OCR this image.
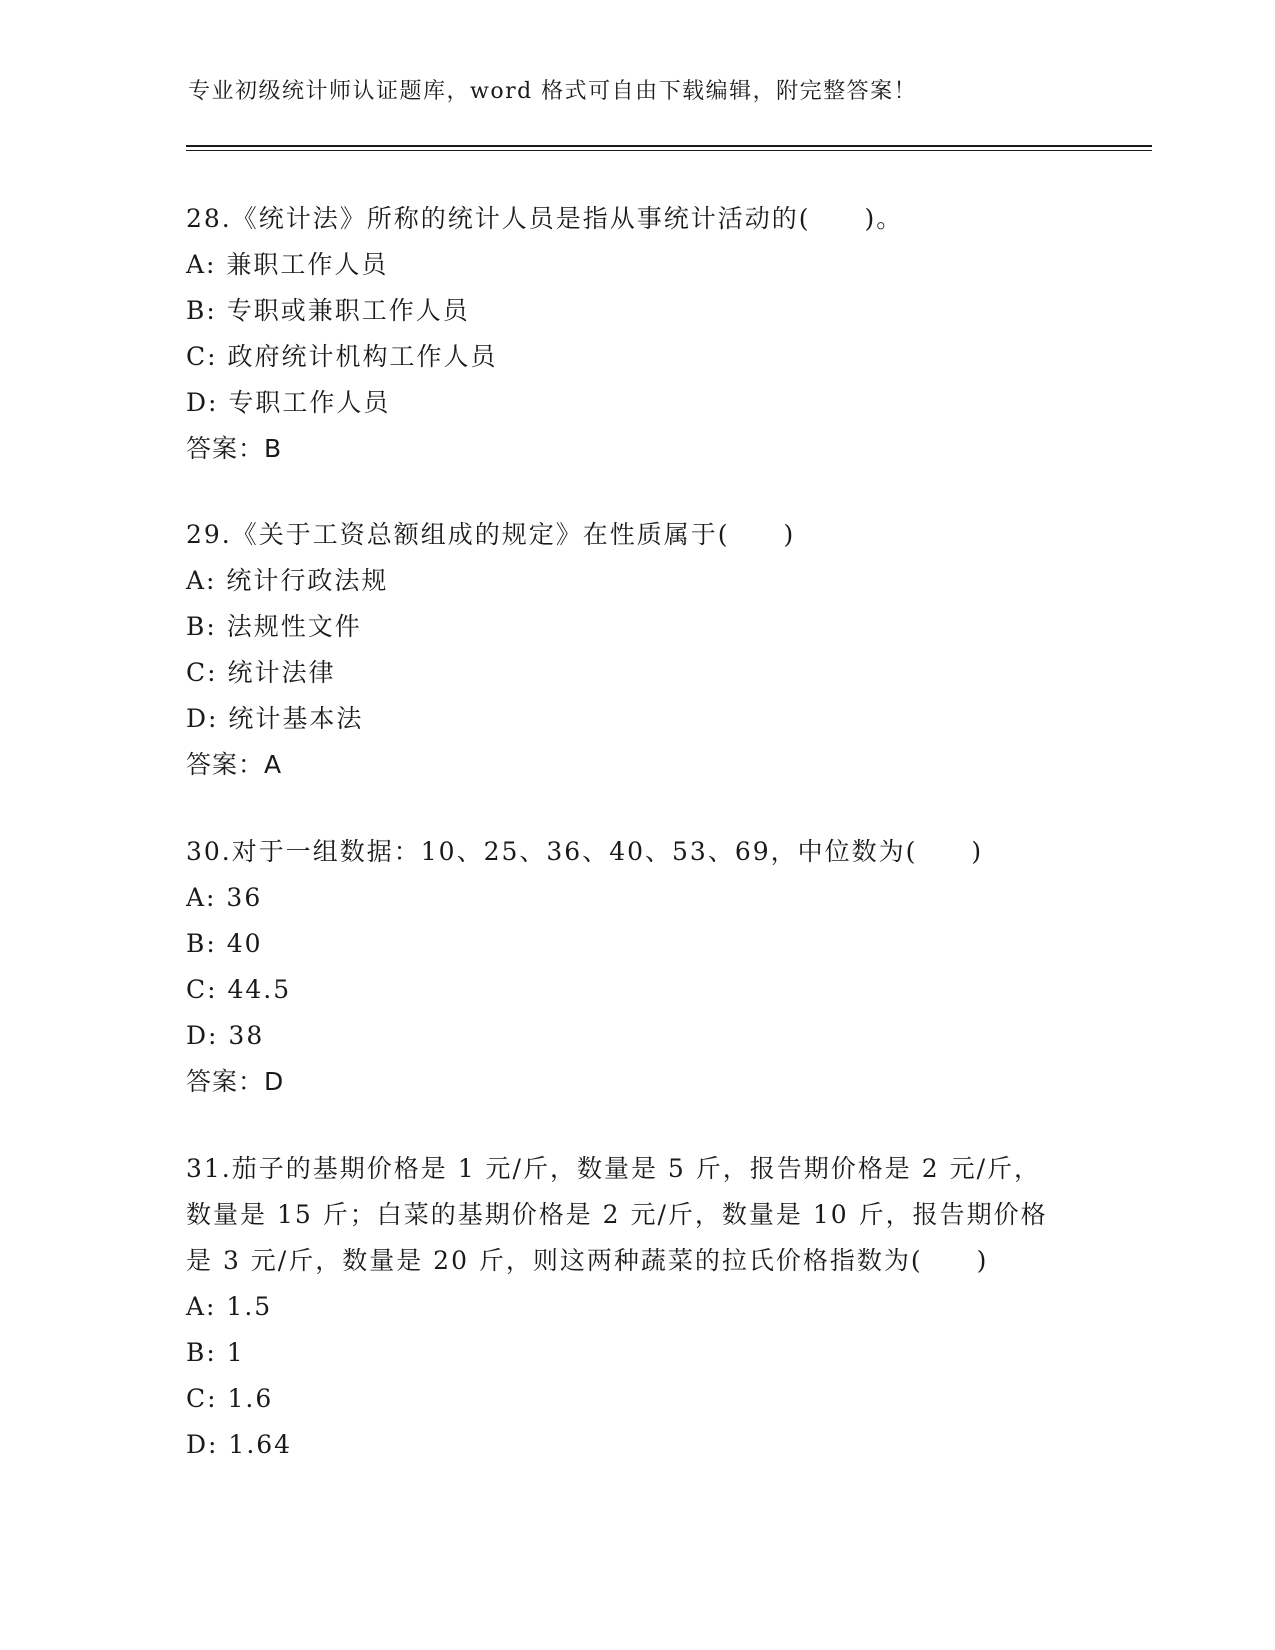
专业初级统计师认证题库，word 格式可自由下载编辑，附完整答案！
28.《统计法》所称的统计人员是指从事统计活动的(　　)。
A: 兼职工作人员
B: 专职或兼职工作人员
C: 政府统计机构工作人员
D: 专职工作人员
答案：B
29.《关于工资总额组成的规定》在性质属于(　　)
A: 统计行政法规
B: 法规性文件
C: 统计法律
D: 统计基本法
答案：A
30.对于一组数据：10、25、36、40、53、69，中位数为(　　)
A: 36
B: 40
C: 44.5
D: 38
答案：D
31.茄子的基期价格是 1 元/斤，数量是 5 斤，报告期价格是 2 元/斤，
数量是 15 斤；白菜的基期价格是 2 元/斤，数量是 10 斤，报告期价格
是 3 元/斤，数量是 20 斤，则这两种蔬菜的拉氏价格指数为(　　)
A: 1.5
B: 1
C: 1.6
D: 1.64
